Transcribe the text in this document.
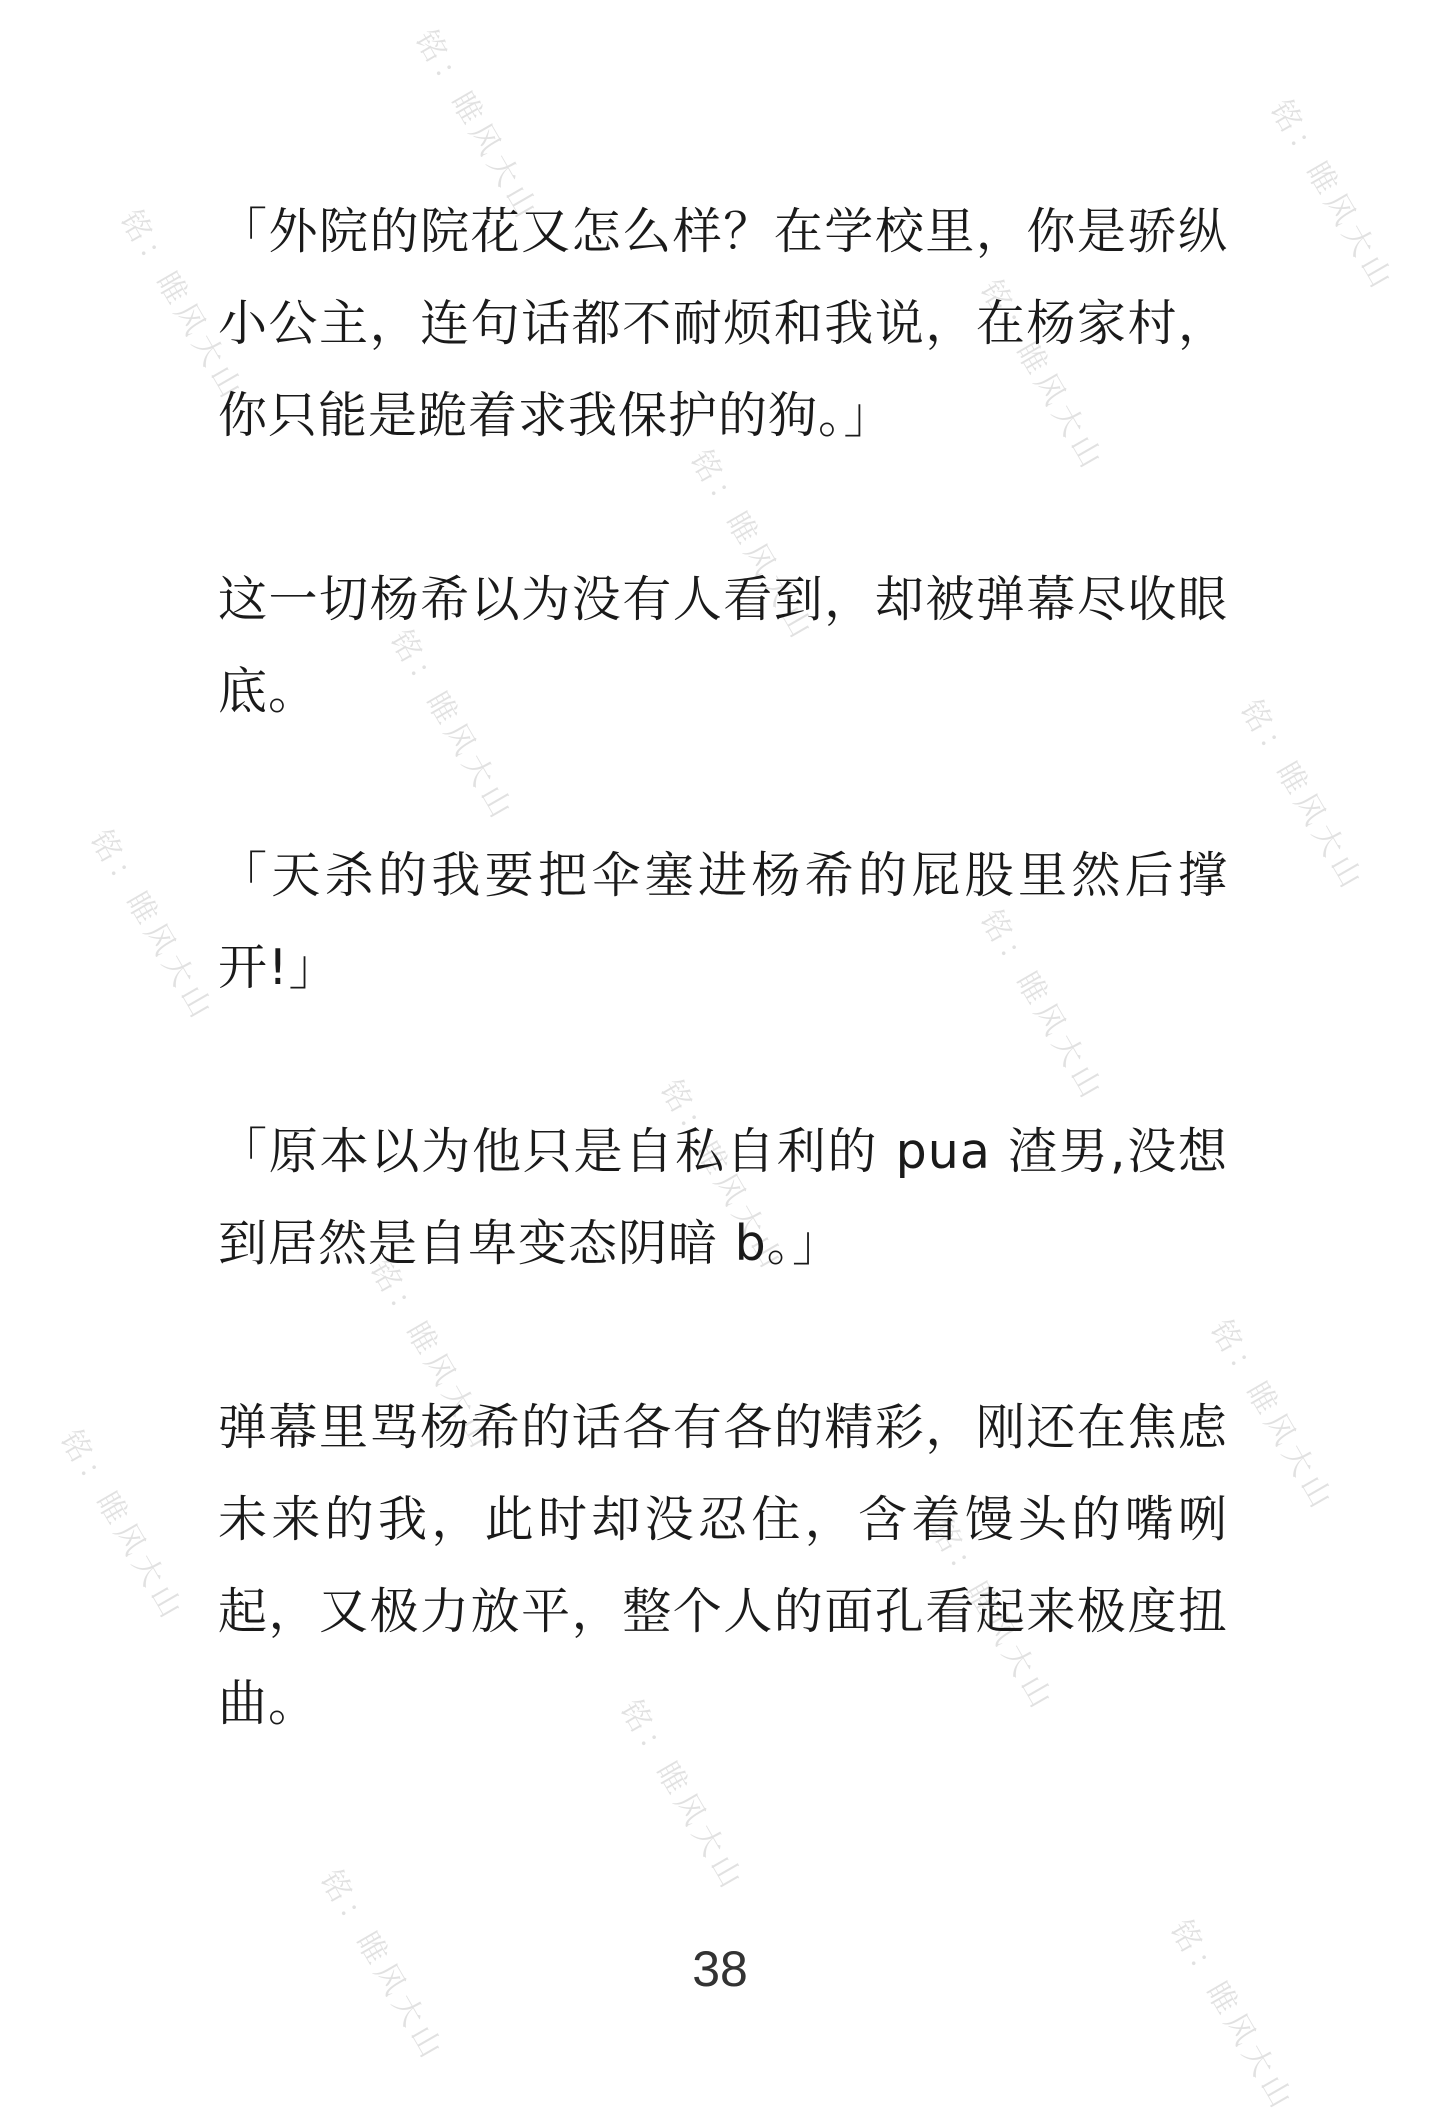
铭：睢风大山	铭：睢风大山
铭：睢风大山	铭：睢风大山
铭：睢风大山
铭：睢风大山	铭：睢风大山
铭：睢风大山	铭：睢风大山
铭：睢风大山
铭：睢风大山	铭：睢风大山
铭：睢风大山	铭：睢风大山
铭：睢风大山
铭：睢风大山	铭：睢风大山

「外院的院花又怎么样？在学校里，你是骄纵小公主，连句话都不耐烦和我说，在杨家村，你只能是跪着求我保护的狗。」

这一切杨希以为没有人看到，却被弹幕尽收眼底。

「天杀的我要把伞塞进杨希的屁股里然后撑开!」

「原本以为他只是自私自利的 pua 渣男,没想到居然是自卑变态阴暗 b。」

弹幕里骂杨希的话各有各的精彩，刚还在焦虑未来的我，此时却没忍住，含着馒头的嘴咧起，又极力放平，整个人的面孔看起来极度扭曲。

38
